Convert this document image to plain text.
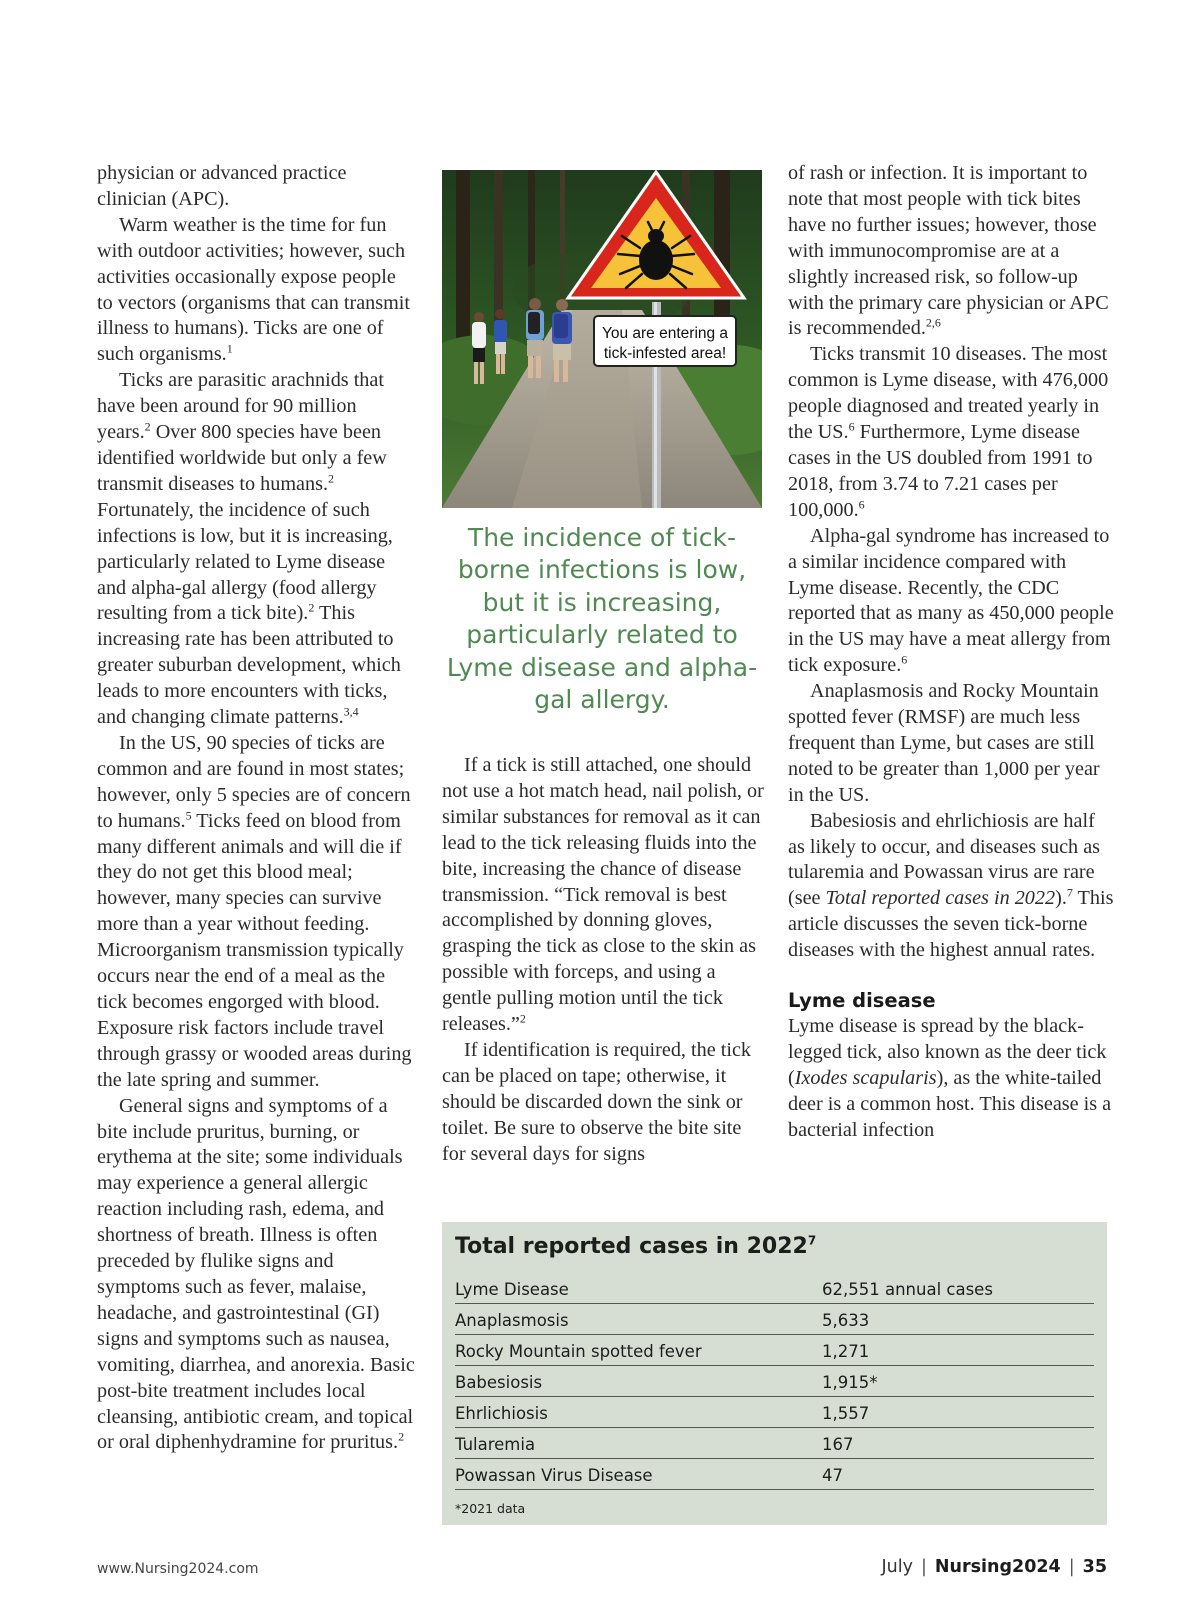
physician or advanced practice clinician (APC).

Warm weather is the time for fun with outdoor activities; however, such activities occasionally expose people to vectors (organisms that can transmit illness to humans). Ticks are one of such organisms.$^1$

Ticks are parasitic arachnids that have been around for 90 million years.$^2$ Over 800 species have been identified worldwide but only a few transmit diseases to humans.$^2$ Fortunately, the incidence of such infections is low, but it is increasing, particularly related to Lyme disease and alpha-gal allergy (food allergy resulting from a tick bite).$^2$ This increasing rate has been attributed to greater suburban development, which leads to more encounters with ticks, and changing climate patterns.$^{3,4}$

In the US, 90 species of ticks are common and are found in most states; however, only 5 species are of concern to humans.$^5$ Ticks feed on blood from many different animals and will die if they do not get this blood meal; however, many species can survive more than a year without feeding. Microorganism transmission typically occurs near the end of a meal as the tick becomes engorged with blood. Exposure risk factors include travel through grassy or wooded areas during the late spring and summer.

General signs and symptoms of a bite include pruritus, burning, or erythema at the site; some individuals may experience a general allergic reaction including rash, edema, and shortness of breath. Illness is often preceded by flulike signs and symptoms such as fever, malaise, headache, and gastrointestinal (GI) signs and symptoms such as nausea, vomiting, diarrhea, and anorexia. Basic post-bite treatment includes local cleansing, antibiotic cream, and topical or oral diphenhydramine for pruritus.$^2$

You are entering a
tick-infested area!
The incidence of tick-borne infections is low, but it is increasing, particularly related to Lyme disease and alpha-gal allergy.

If a tick is still attached, one should not use a hot match head, nail polish, or similar substances for removal as it can lead to the tick releasing fluids into the bite, increasing the chance of disease transmission. “Tick removal is best accomplished by donning gloves, grasping the tick as close to the skin as possible with forceps, and using a gentle pulling motion until the tick releases.”$^2$

If identification is required, the tick can be placed on tape; otherwise, it should be discarded down the sink or toilet. Be sure to observe the bite site for several days for signs

of rash or infection. It is important to note that most people with tick bites have no further issues; however, those with immunocompromise are at a slightly increased risk, so follow-up with the primary care physician or APC is recommended.$^{2,6}$

Ticks transmit 10 diseases. The most common is Lyme disease, with 476,000 people diagnosed and treated yearly in the US.$^6$ Furthermore, Lyme disease cases in the US doubled from 1991 to 2018, from 3.74 to 7.21 cases per 100,000.$^6$

Alpha-gal syndrome has increased to a similar incidence compared with Lyme disease. Recently, the CDC reported that as many as 450,000 people in the US may have a meat allergy from tick exposure.$^6$

Anaplasmosis and Rocky Mountain spotted fever (RMSF) are much less frequent than Lyme, but cases are still noted to be greater than 1,000 per year in the US.

Babesiosis and ehrlichiosis are half as likely to occur, and diseases such as tularemia and Powassan virus are rare (see Total reported cases in 2022).$^7$ This article discusses the seven tick-borne diseases with the highest annual rates.

Lyme disease

Lyme disease is spread by the black-legged tick, also known as the deer tick (Ixodes scapularis), as the white-tailed deer is a common host. This disease is a bacterial infection

Total reported cases in 2022$^7$
Lyme Disease	62,551 annual cases
Anaplasmosis	5,633
Rocky Mountain spotted fever	1,271
Babesiosis	1,915*
Ehrlichiosis	1,557
Tularemia	167
Powassan Virus Disease	47
*2021 data
www.Nursing2024.com	July | Nursing2024 | 35
